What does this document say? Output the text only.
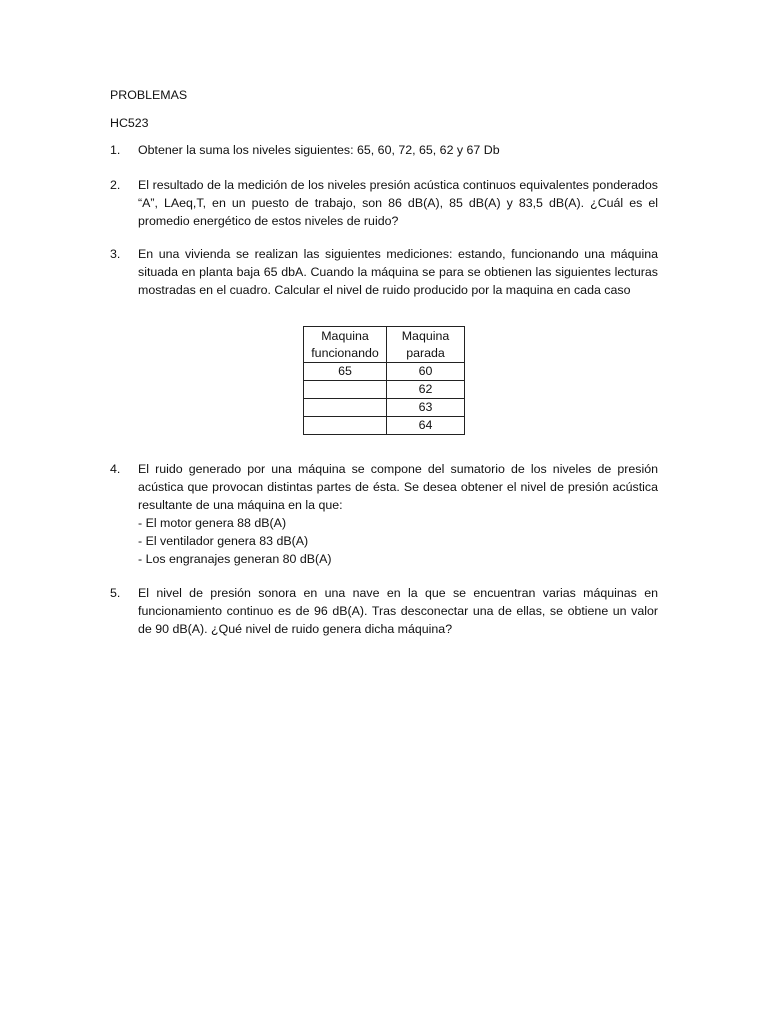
PROBLEMAS
HC523
1. Obtener la suma los niveles siguientes: 65, 60, 72, 65, 62 y 67 Db
2. El resultado de la medición de los niveles presión acústica continuos equivalentes ponderados “A”, LAeq,T, en un puesto de trabajo, son 86 dB(A), 85 dB(A) y 83,5 dB(A). ¿Cuál es el promedio energético de estos niveles de ruido?
3. En una vivienda se realizan las siguientes mediciones: estando, funcionando una máquina situada en planta baja 65 dbA. Cuando la máquina se para se obtienen las siguientes lecturas mostradas en el cuadro. Calcular el nivel de ruido producido por la maquina en cada caso
Maquina funcionando	Maquina parada
65	60
	62
	63
	64
4. El ruido generado por una máquina se compone del sumatorio de los niveles de presión acústica que provocan distintas partes de ésta. Se desea obtener el nivel de presión acústica resultante de una máquina en la que:

- El motor genera 88 dB(A)

- El ventilador genera 83 dB(A)

- Los engranajes generan 80 dB(A)

5. El nivel de presión sonora en una nave en la que se encuentran varias máquinas en funcionamiento continuo es de 96 dB(A). Tras desconectar una de ellas, se obtiene un valor de 90 dB(A). ¿Qué nivel de ruido genera dicha máquina?
